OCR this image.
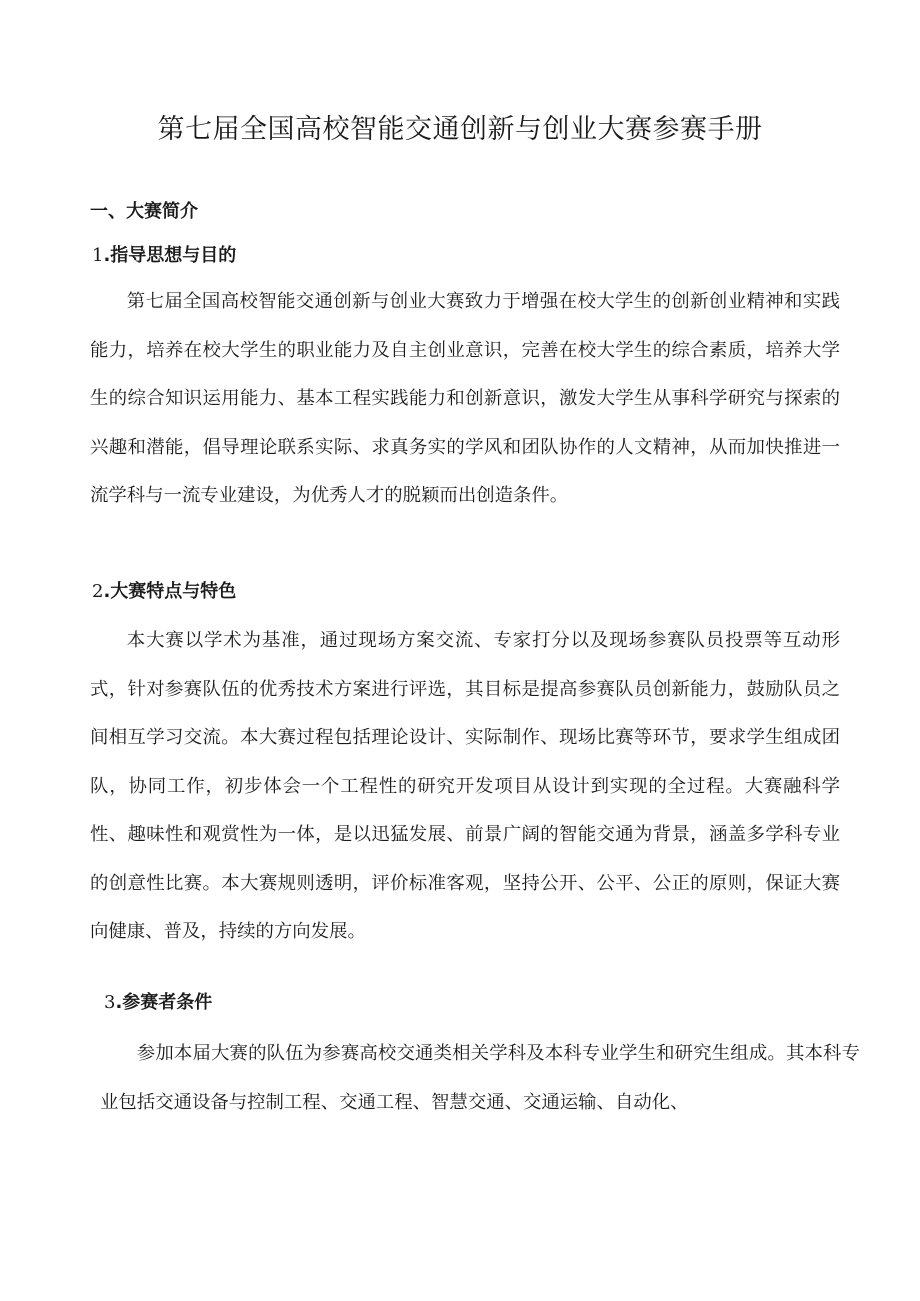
第七届全国高校智能交通创新与创业大赛参赛手册
一、大赛简介
1.指导思想与目的

第七届全国高校智能交通创新与创业大赛致力于增强在校大学生的创新创业精神和实践能力，培养在校大学生的职业能力及自主创业意识，完善在校大学生的综合素质，培养大学生的综合知识运用能力、基本工程实践能力和创新意识，激发大学生从事科学研究与探索的兴趣和潜能，倡导理论联系实际、求真务实的学风和团队协作的人文精神，从而加快推进一流学科与一流专业建设，为优秀人才的脱颖而出创造条件。

2.大赛特点与特色

本大赛以学术为基准，通过现场方案交流、专家打分以及现场参赛队员投票等互动形式，针对参赛队伍的优秀技术方案进行评选，其目标是提高参赛队员创新能力，鼓励队员之间相互学习交流。本大赛过程包括理论设计、实际制作、现场比赛等环节，要求学生组成团队，协同工作，初步体会一个工程性的研究开发项目从设计到实现的全过程。大赛融科学性、趣味性和观赏性为一体，是以迅猛发展、前景广阔的智能交通为背景，涵盖多学科专业的创意性比赛。本大赛规则透明，评价标准客观，坚持公开、公平、公正的原则，保证大赛向健康、普及，持续的方向发展。

3.参赛者条件

参加本届大赛的队伍为参赛高校交通类相关学科及本科专业学生和研究生组成。其本科专业包括交通设备与控制工程、交通工程、智慧交通、交通运输、自动化、
